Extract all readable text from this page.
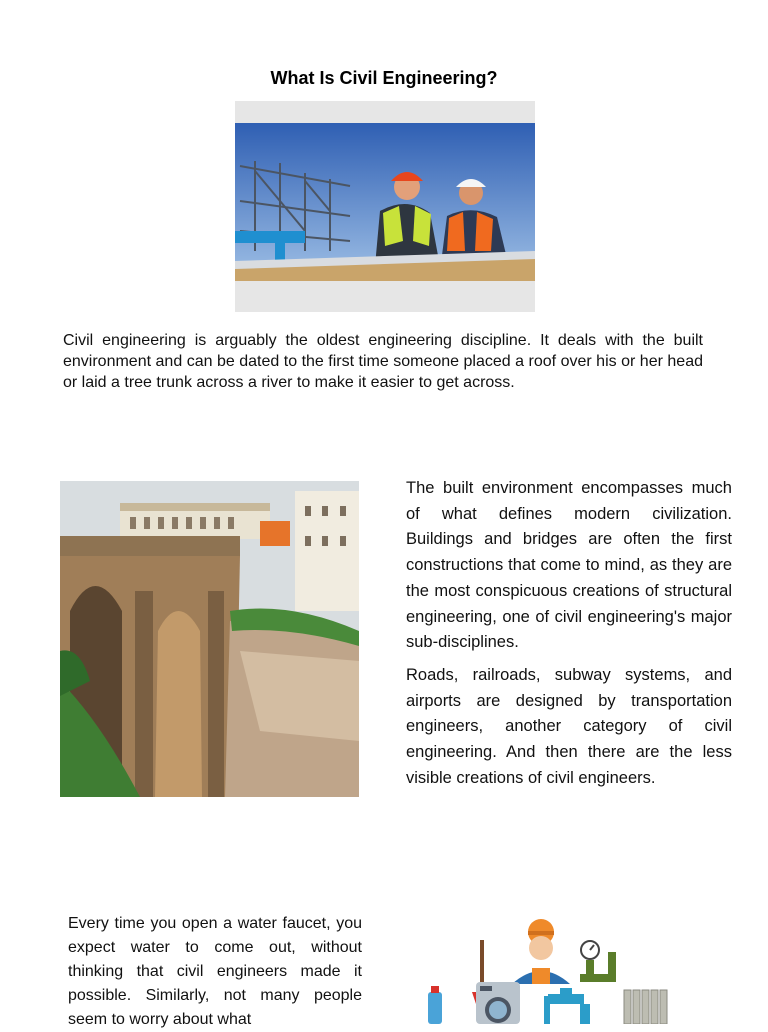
What Is Civil Engineering?
Civil engineering is arguably the oldest engineering discipline. It deals with the built environment and can be dated to the first time someone placed a roof over his or her head or laid a tree trunk across a river to make it easier to get across.

The built environment encompasses much of what defines modern civilization. Buildings and bridges are often the first constructions that come to mind, as they are the most conspicuous creations of structural engineering, one of civil engineering's major sub-disciplines.

Roads, railroads, subway systems, and airports are designed by transportation engineers, another category of civil engineering. And then there are the less visible creations of civil engineers.

Every time you open a water faucet, you expect water to come out, without thinking that civil engineers made it possible. Similarly, not many people seem to worry about what
